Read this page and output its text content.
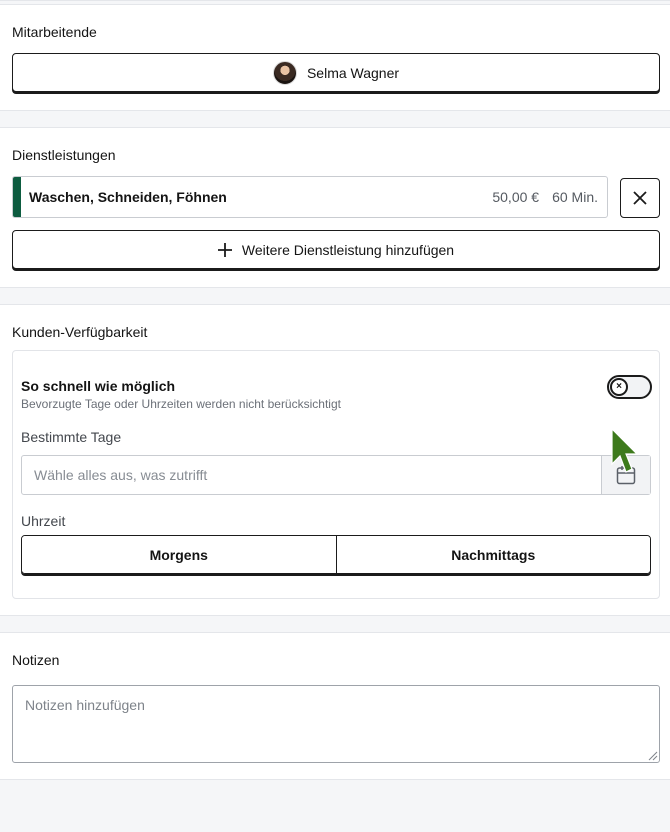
Mitarbeitende
Selma Wagner
Dienstleistungen
Waschen, Schneiden, Föhnen	50,00 € 60 Min.
Weitere Dienstleistung hinzufügen
Kunden-Verfügbarkeit
So schnell wie möglich
Bevorzugte Tage oder Uhrzeiten werden nicht berücksichtigt
×
Bestimmte Tage
Wähle alles aus, was zutrifft
Uhrzeit
Morgens	Nachmittags
Notizen
Notizen hinzufügen
